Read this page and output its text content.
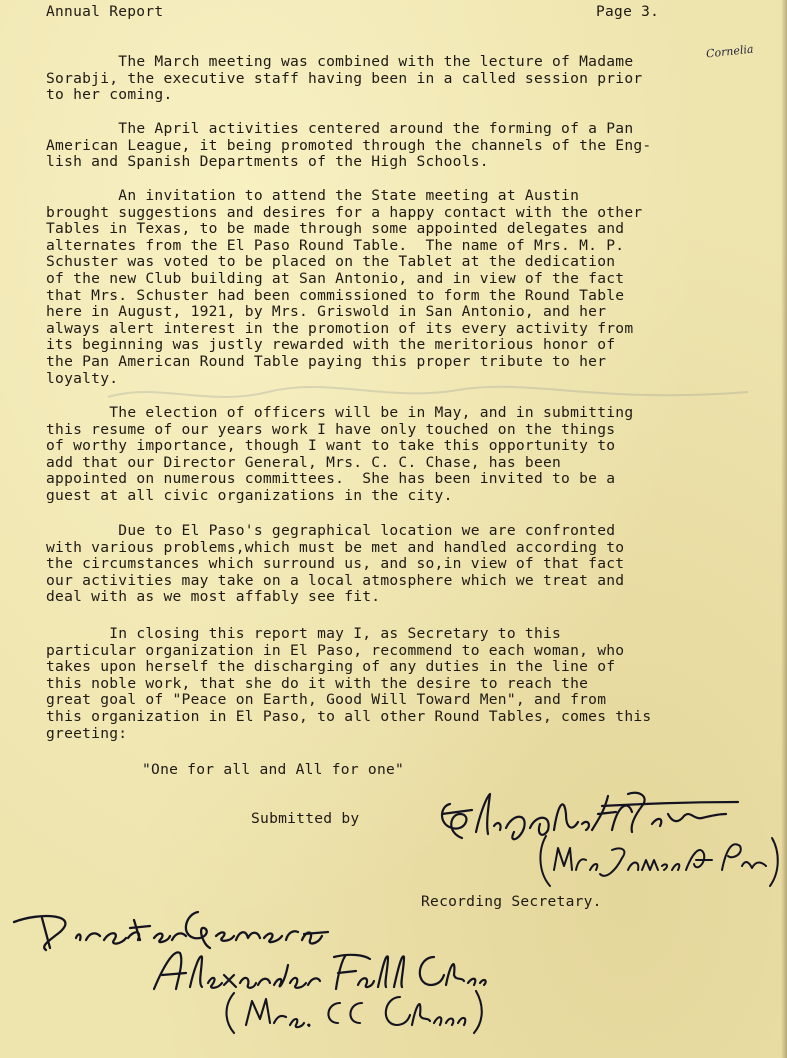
Annual Report	Page 3.
Cornelia
The March meeting was combined with the lecture of Madame
Sorabji, the executive staff having been in a called session prior
to her coming.
The April activities centered around the forming of a Pan
American League, it being promoted through the channels of the Eng-
lish and Spanish Departments of the High Schools.
An invitation to attend the State meeting at Austin
brought suggestions and desires for a happy contact with the other
Tables in Texas, to be made through some appointed delegates and
alternates from the El Paso Round Table.  The name of Mrs. M. P.
Schuster was voted to be placed on the Tablet at the dedication
of the new Club building at San Antonio, and in view of the fact
that Mrs. Schuster had been commissioned to form the Round Table
here in August, 1921, by Mrs. Griswold in San Antonio, and her
always alert interest in the promotion of its every activity from
its beginning was justly rewarded with the meritorious honor of
the Pan American Round Table paying this proper tribute to her
loyalty.
The election of officers will be in May, and in submitting
this resume of our years work I have only touched on the things
of worthy importance, though I want to take this opportunity to
add that our Director General, Mrs. C. C. Chase, has been
appointed on numerous committees.  She has been invited to be a
guest at all civic organizations in the city.
Due to El Paso's gegraphical location we are confronted
with various problems,which must be met and handled according to
the circumstances which surround us, and so,in view of that fact
our activities may take on a local atmosphere which we treat and
deal with as we most affably see fit.
In closing this report may I, as Secretary to this
particular organization in El Paso, recommend to each woman, who
takes upon herself the discharging of any duties in the line of
this noble work, that she do it with the desire to reach the
great goal of "Peace on Earth, Good Will Toward Men", and from
this organization in El Paso, to all other Round Tables, comes this
greeting:
"One for all and All for one"
Submitted by
Recording Secretary.
